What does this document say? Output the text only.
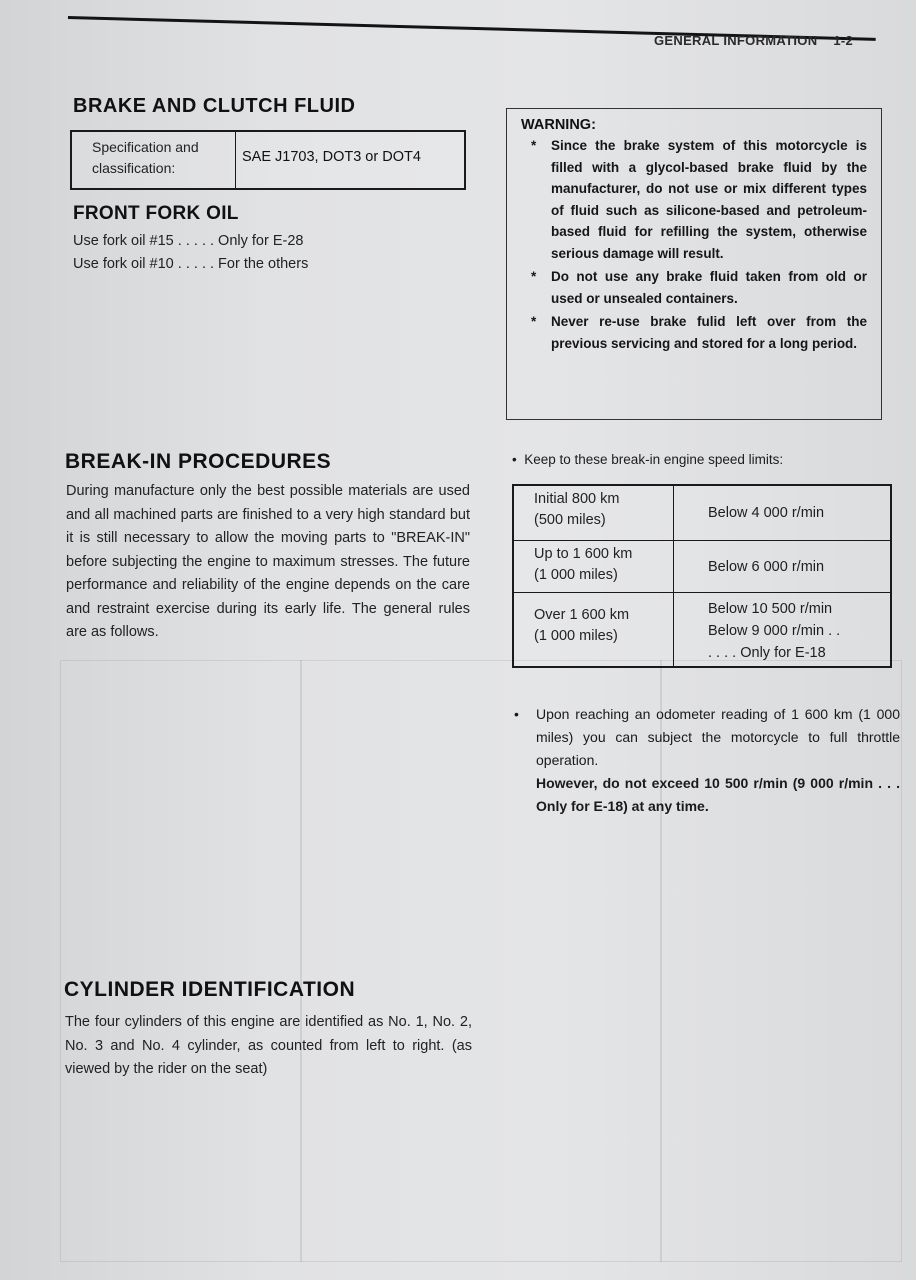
GENERAL INFORMATION 1-2
BRAKE AND CLUTCH FLUID
Specification and
classification:
SAE J1703, DOT3 or DOT4
FRONT FORK OIL
Use fork oil #15 . . . . . Only for E-28
Use fork oil #10 . . . . . For the others
WARNING:
* Since the brake system of this motorcycle is filled with a glycol-based brake fluid by the manufacturer, do not use or mix different types of fluid such as silicone-based and petroleum-based fluid for refilling the system, otherwise serious damage will result.
* Do not use any brake fluid taken from old or used or unsealed containers.
* Never re-use brake fulid left over from the previous servicing and stored for a long period.
BREAK-IN PROCEDURES

During manufacture only the best possible materials are used and all machined parts are finished to a very high standard but it is still necessary to allow the moving parts to "BREAK-IN" before subjecting the engine to maximum stresses. The future performance and reliability of the engine depends on the care and restraint exercise during its early life. The general rules are as follows.

•  Keep to these break-in engine speed limits:
Initial 800 km
(500 miles)	Below 4 000 r/min
Up to 1 600 km
(1 000 miles)
Below 6 000 r/min
Over 1 600 km
(1 000 miles)
Below 10 500 r/min
Below 9 000 r/min . .
. . . . Only for E-18
• Upon reaching an odometer reading of 1 600 km (1 000 miles) you can subject the motorcycle to full throttle operation.
However, do not exceed 10 500 r/min (9 000 r/min . . . Only for E-18) at any time.
CYLINDER IDENTIFICATION

The four cylinders of this engine are identified as No. 1, No. 2, No. 3 and No. 4 cylinder, as counted from left to right. (as viewed by the rider on the seat)
